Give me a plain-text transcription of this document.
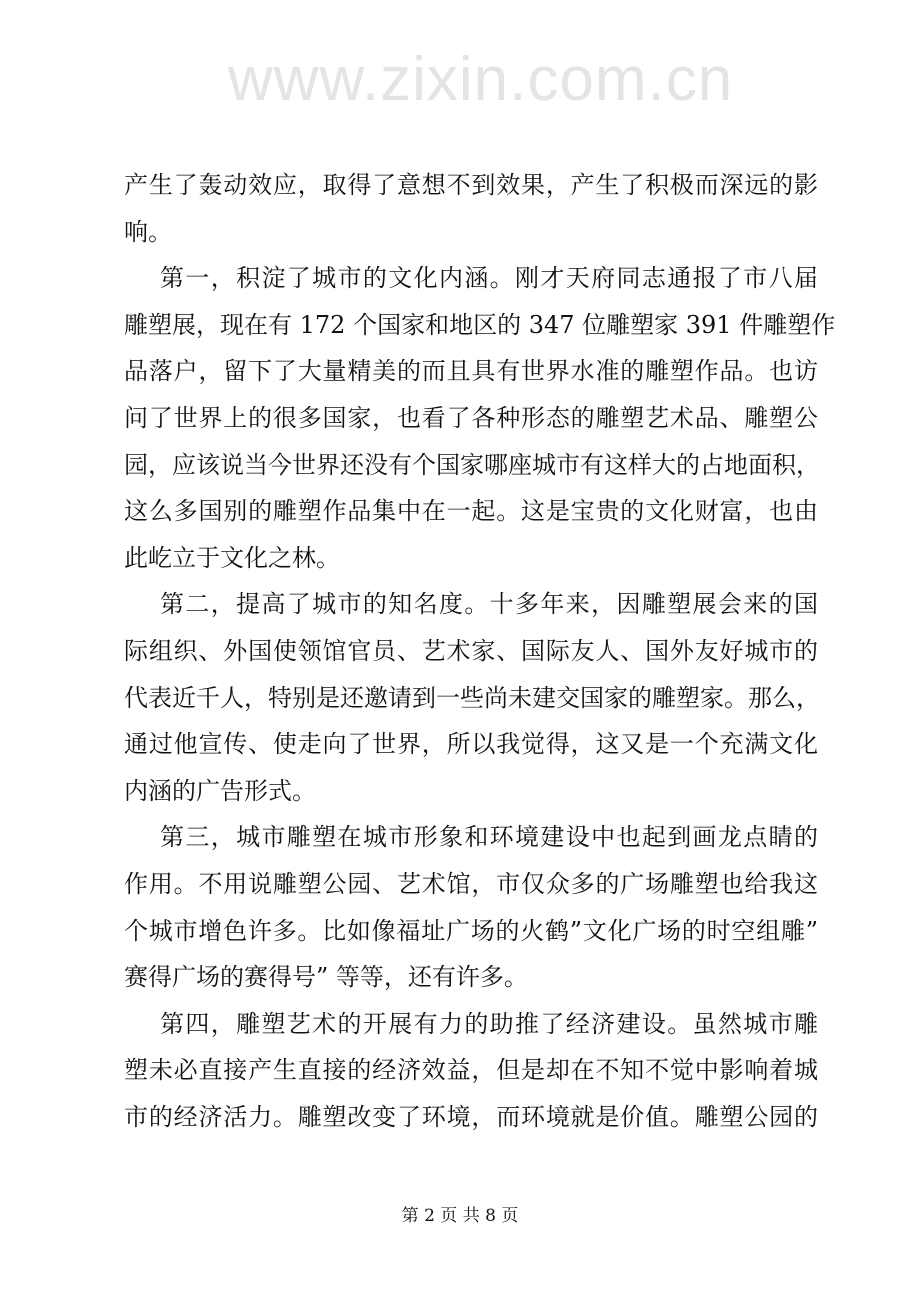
www.zixin.com.cn
产生了轰动效应，取得了意想不到效果，产生了积极而深远的影
响。
第一，积淀了城市的文化内涵。刚才天府同志通报了市八届
雕塑展，现在有 172 个国家和地区的 347 位雕塑家 391 件雕塑作
品落户，留下了大量精美的而且具有世界水准的雕塑作品。也访
问了世界上的很多国家，也看了各种形态的雕塑艺术品、雕塑公
园，应该说当今世界还没有个国家哪座城市有这样大的占地面积，
这么多国别的雕塑作品集中在一起。这是宝贵的文化财富，也由
此屹立于文化之林。
第二，提高了城市的知名度。十多年来，因雕塑展会来的国
际组织、外国使领馆官员、艺术家、国际友人、国外友好城市的
代表近千人，特别是还邀请到一些尚未建交国家的雕塑家。那么，
通过他宣传、使走向了世界，所以我觉得，这又是一个充满文化
内涵的广告形式。
第三，城市雕塑在城市形象和环境建设中也起到画龙点睛的
作用。不用说雕塑公园、艺术馆，市仅众多的广场雕塑也给我这
个城市增色许多。比如像福址广场的火鹤”文化广场的时空组雕”
赛得广场的赛得号” 等等，还有许多。
第四，雕塑艺术的开展有力的助推了经济建设。虽然城市雕
塑未必直接产生直接的经济效益，但是却在不知不觉中影响着城
市的经济活力。雕塑改变了环境，而环境就是价值。雕塑公园的
第 2 页 共 8 页
